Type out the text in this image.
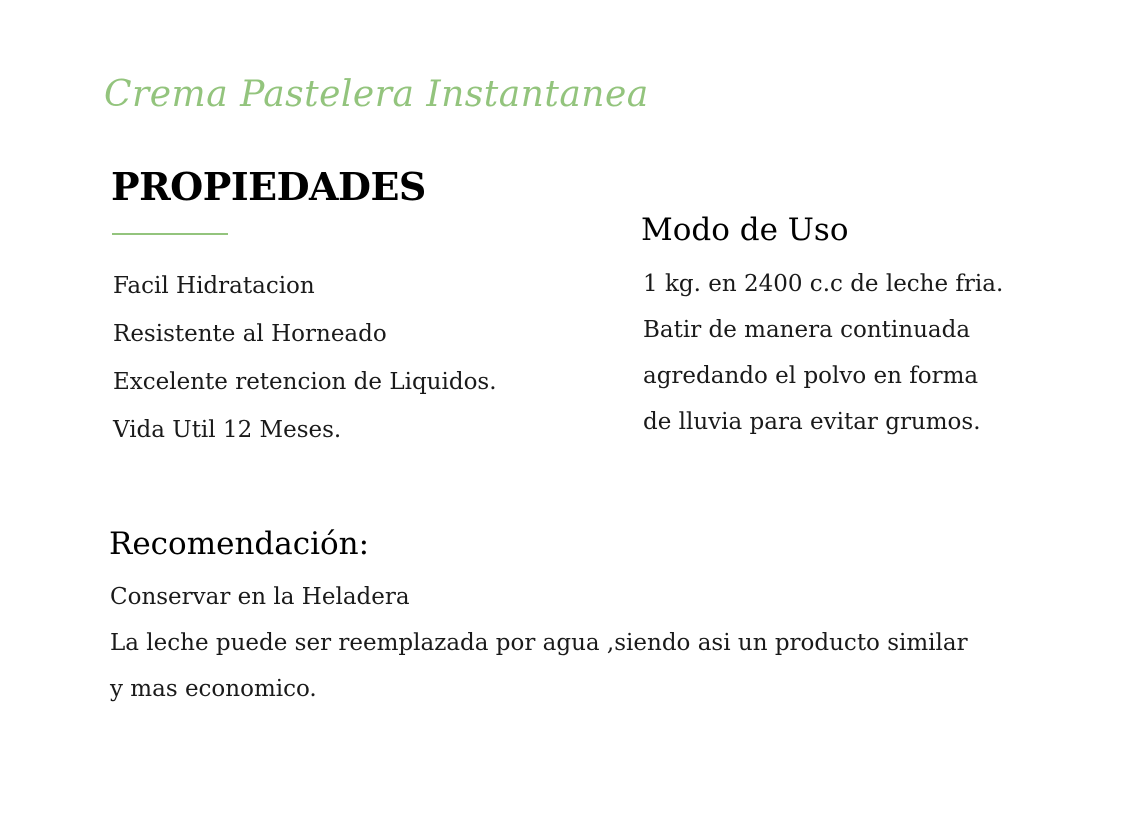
Crema Pastelera Instantanea
PROPIEDADES
Facil Hidratacion
Resistente al Horneado
Excelente retencion de Liquidos.
Vida Util 12 Meses.
Modo de Uso
1 kg. en 2400 c.c de leche fria.
Batir de manera continuada
agredando el polvo en forma
de lluvia para evitar grumos.
Recomendación:
Conservar en la Heladera
La leche puede ser reemplazada por agua ,siendo asi un producto similar
y mas economico.
